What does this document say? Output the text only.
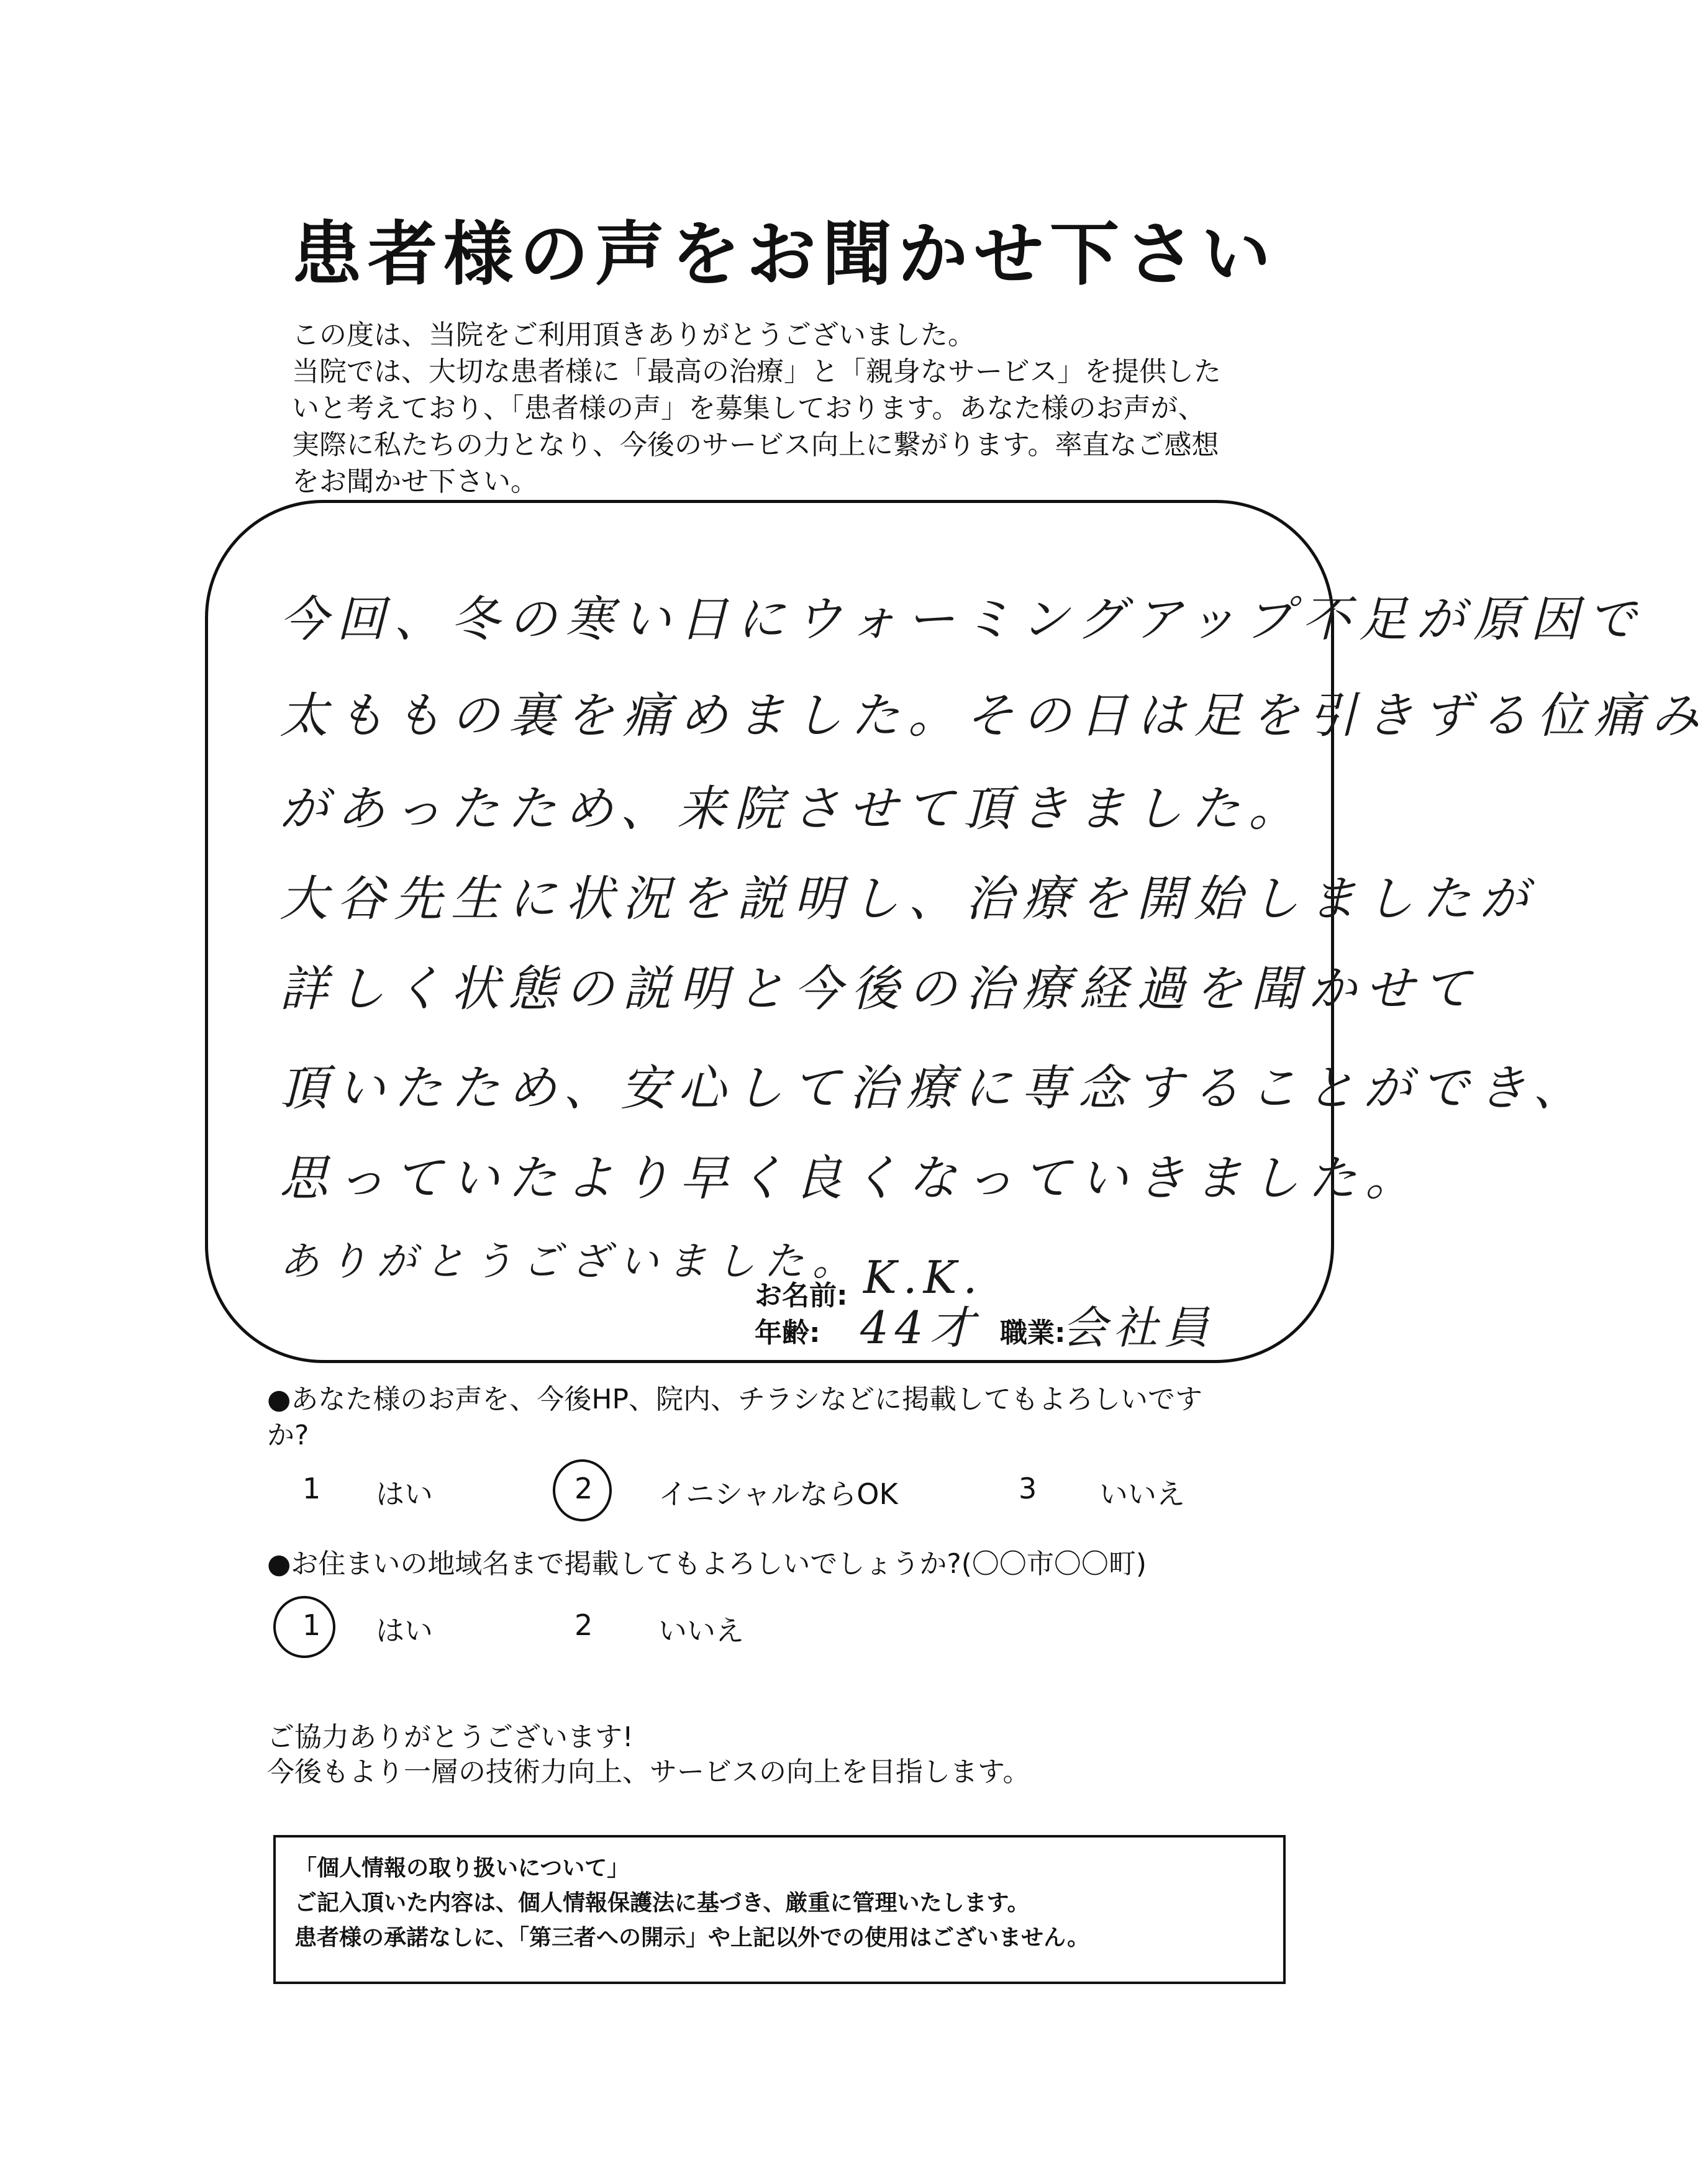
患者様の声をお聞かせ下さい
この度は、当院をご利用頂きありがとうございました。
当院では、大切な患者様に「最高の治療」と「親身なサービス」を提供した
いと考えており、「患者様の声」を募集しております。あなた様のお声が、
実際に私たちの力となり、今後のサービス向上に繋がります。率直なご感想
をお聞かせ下さい。
今回、冬の寒い日にウォーミングアップ不足が原因で
太ももの裏を痛めました。その日は足を引きずる位痛み
があったため、来院させて頂きました。
大谷先生に状況を説明し、治療を開始しましたが
詳しく状態の説明と今後の治療経過を聞かせて
頂いたため、安心して治療に専念することができ、
思っていたより早く良くなっていきました。
ありがとうございました。
お名前: K.K.
年齢: 44才 職業:
会社員
●あなた様のお声を、今後HP、院内、チラシなどに掲載してもよろしいです
か?
1 はい	2 イニシャルならOK	3 いいえ
●お住まいの地域名まで掲載してもよろしいでしょうか?(〇〇市〇〇町)
1 はい	2 いいえ
ご協力ありがとうございます!
今後もより一層の技術力向上、サービスの向上を目指します。
「個人情報の取り扱いについて」
ご記入頂いた内容は、個人情報保護法に基づき、厳重に管理いたします。
患者様の承諾なしに、「第三者への開示」や上記以外での使用はございません。
